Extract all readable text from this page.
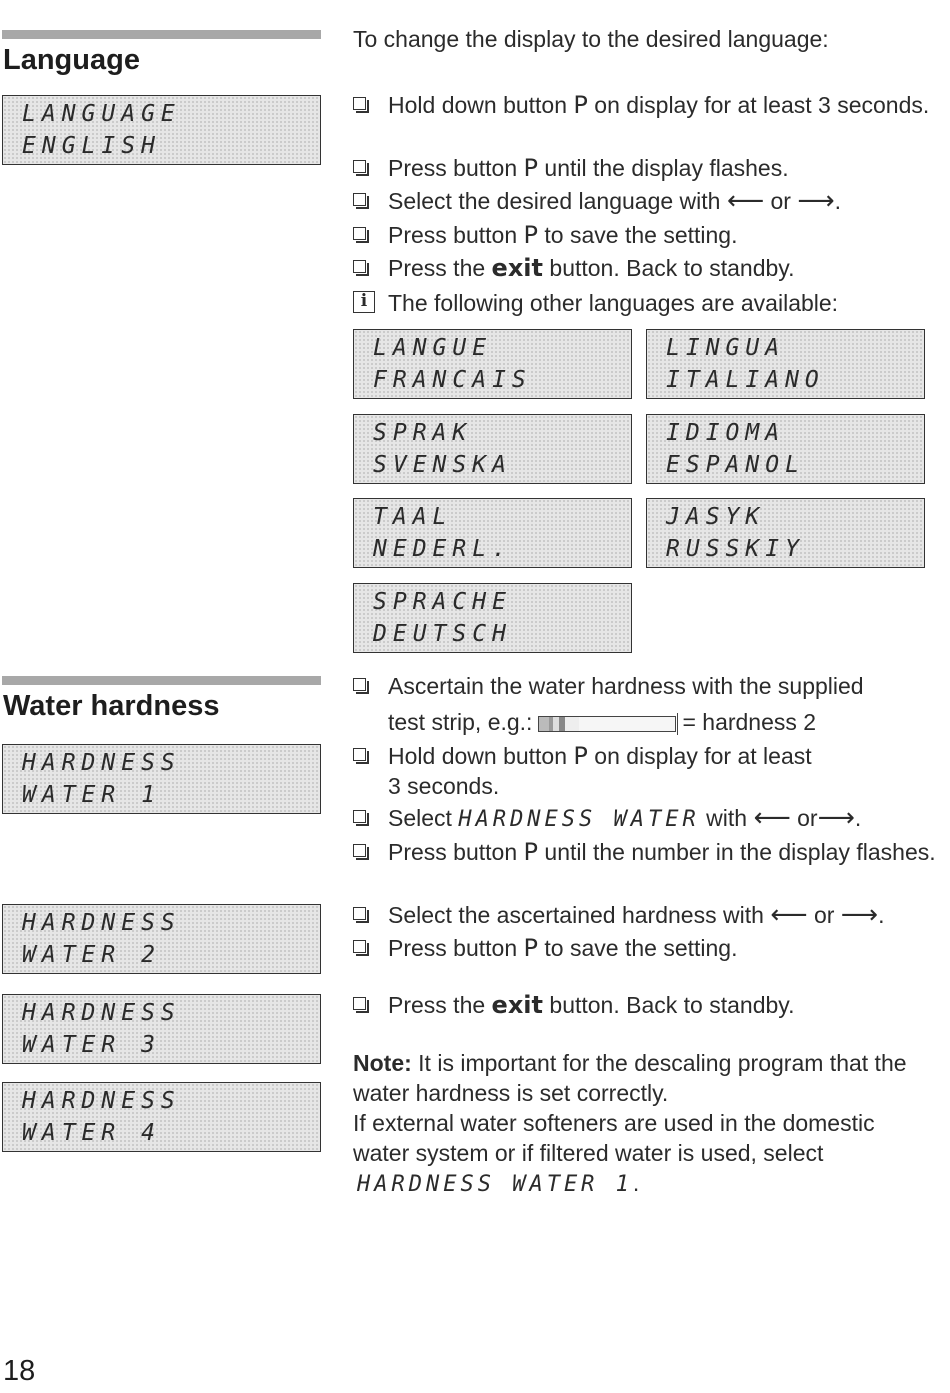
Language
LANGUAGE
ENGLISH
To change the display to the desired language:
Hold down button P on display for at least 3 seconds.
Press button P until the display flashes.
Select the desired language with ⟵ or ⟶.
Press button P to save the setting.
Press the exit button. Back to standby.
i The following other languages are available:
LANGUE
FRANCAIS
LINGUA
ITALIANO
SPRAK
SVENSKA
IDIOMA
ESPANOL
TAAL
NEDERL.
JASYK
RUSSKIY
SPRACHE
DEUTSCH
Water hardness
HARDNESS
WATER 1
HARDNESS
WATER 2
HARDNESS
WATER 3
HARDNESS
WATER 4
Ascertain the water hardness with the supplied
test strip, e.g.:	= hardness 2
Hold down button P on display for at least
3 seconds.
Select HARDNESS WATER with ⟵ or⟶.
Press button P until the number in the display flashes.
Select the ascertained hardness with ⟵ or ⟶.
Press button P to save the setting.
Press the exit button. Back to standby.
Note: It is important for the descaling program that the water hardness is set correctly.
If external water softeners are used in the domestic water system or if filtered water is used, select
HARDNESS WATER 1.
18
